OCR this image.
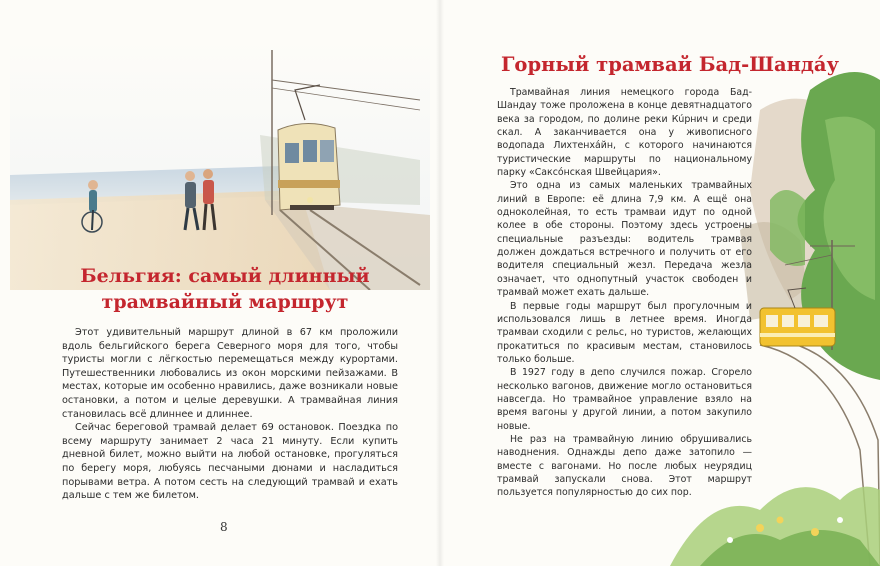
Бельгия: самый длинный
трамвайный маршрут

Этот удивительный маршрут длиной в 67 км проложили вдоль бельгийского берега Северного моря для того, чтобы туристы могли с лёгкостью перемещаться между курортами. Путешественники любовались из окон морскими пейзажами. В местах, которые им особенно нравились, даже возникали новые остановки, а потом и целые деревушки. А трамвайная линия становилась всё длиннее и длиннее.

Сейчас береговой трамвай делает 69 остановок. Поездка по всему маршруту занимает 2 часа 21 минуту. Если купить дневной билет, можно выйти на любой остановке, прогуляться по берегу моря, любуясь песчаными дюнами и насладиться порывами ветра. А потом сесть на следующий трамвай и ехать дальше с тем же билетом.

8
Горный трамвай Бад-Шандáу

Трамвайная линия немецкого города Бад-Шандау тоже проложена в конце девятнадцатого века за городом, по долине реки Кúрнич и среди скал. А заканчивается она у живописного водопада Лихтенхáйн, с которого начинаются туристические маршруты по национальному парку «Саксóнская Швейцария».

Это одна из самых маленьких трамвайных линий в Европе: её длина 7,9 км. А ещё она одноколейная, то есть трамваи идут по одной колее в обе стороны. Поэтому здесь устроены специальные разъезды: водитель трамвая должен дождаться встречного и получить от его водителя специальный жезл. Передача жезла означает, что однопутный участок свободен и трамвай может ехать дальше.

В первые годы маршрут был прогулочным и использовался лишь в летнее время. Иногда трамваи сходили с рельс, но туристов, желающих прокатиться по красивым местам, становилось только больше.

В 1927 году в депо случился пожар. Сгорело несколько вагонов, движение могло остановиться навсегда. Но трамвайное управление взяло на время вагоны у другой линии, а потом закупило новые.

Не раз на трамвайную линию обрушивались наводнения. Однажды депо даже затопило — вместе с вагонами. Но после любых неурядиц трамвай запускали снова. Этот маршрут пользуется популярностью до сих пор.
